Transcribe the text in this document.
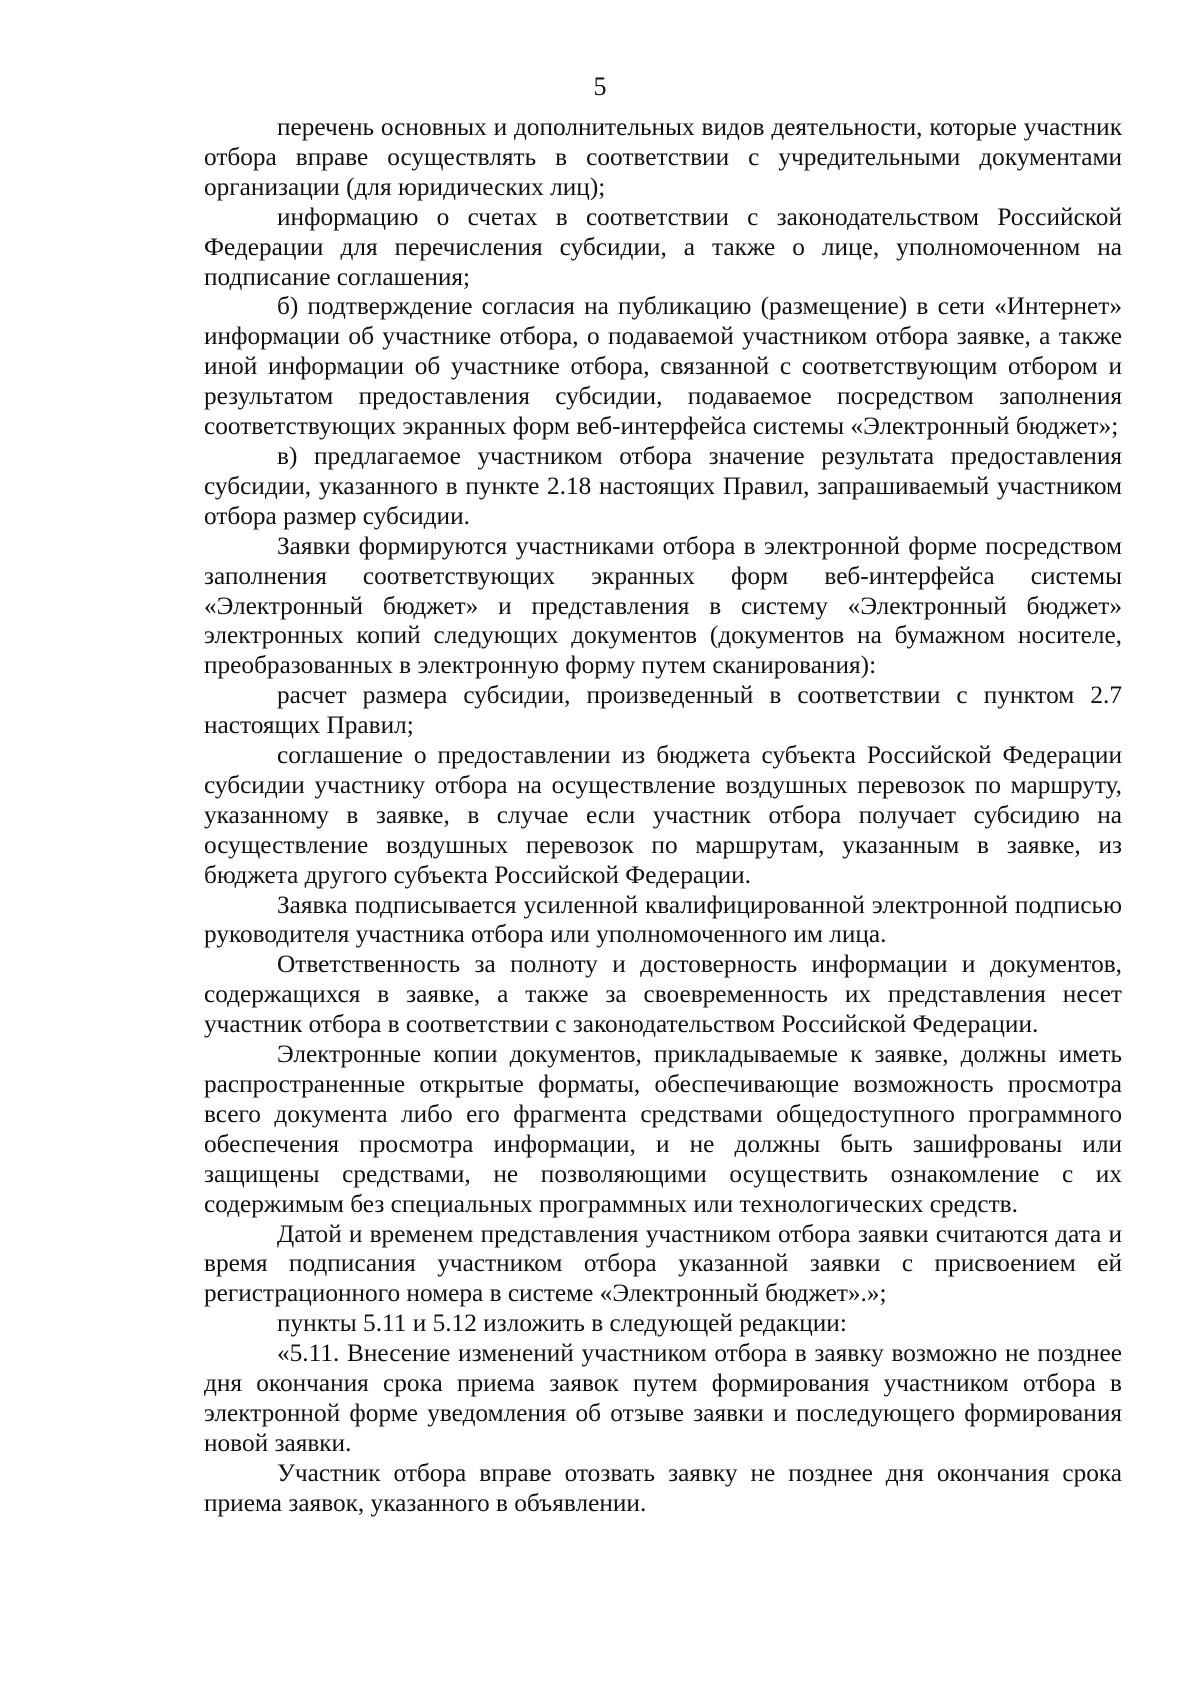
5

перечень основных и дополнительных видов деятельности, которые участник отбора вправе осуществлять в соответствии с учредительными документами организации (для юридических лиц);

информацию о счетах в соответствии с законодательством Российской Федерации для перечисления субсидии, а также о лице, уполномоченном на подписание соглашения;

б) подтверждение согласия на публикацию (размещение) в сети «Интернет» информации об участнике отбора, о подаваемой участником отбора заявке, а также иной информации об участнике отбора, связанной с соответствующим отбором и результатом предоставления субсидии, подаваемое посредством заполнения соответствующих экранных форм веб-интерфейса системы «Электронный бюджет»;

в) предлагаемое участником отбора значение результата предоставления субсидии, указанного в пункте 2.18 настоящих Правил, запрашиваемый участником отбора размер субсидии.

Заявки формируются участниками отбора в электронной форме посредством заполнения соответствующих экранных форм веб-интерфейса системы «Электронный бюджет» и представления в систему «Электронный бюджет» электронных копий следующих документов (документов на бумажном носителе, преобразованных в электронную форму путем сканирования):

расчет размера субсидии, произведенный в соответствии с пунктом 2.7 настоящих Правил;

соглашение о предоставлении из бюджета субъекта Российской Федерации субсидии участнику отбора на осуществление воздушных перевозок по маршруту, указанному в заявке, в случае если участник отбора получает субсидию на осуществление воздушных перевозок по маршрутам, указанным в заявке, из бюджета другого субъекта Российской Федерации.

Заявка подписывается усиленной квалифицированной электронной подписью руководителя участника отбора или уполномоченного им лица.

Ответственность за полноту и достоверность информации и документов, содержащихся в заявке, а также за своевременность их представления несет участник отбора в соответствии с законодательством Российской Федерации.

Электронные копии документов, прикладываемые к заявке, должны иметь распространенные открытые форматы, обеспечивающие возможность просмотра всего документа либо его фрагмента средствами общедоступного программного обеспечения просмотра информации, и не должны быть зашифрованы или защищены средствами, не позволяющими осуществить ознакомление с их содержимым без специальных программных или технологических средств.

Датой и временем представления участником отбора заявки считаются дата и время подписания участником отбора указанной заявки с присвоением ей регистрационного номера в системе «Электронный бюджет».»;

пункты 5.11 и 5.12 изложить в следующей редакции:

«5.11. Внесение изменений участником отбора в заявку возможно не позднее дня окончания срока приема заявок путем формирования участником отбора в электронной форме уведомления об отзыве заявки и последующего формирования новой заявки.

Участник отбора вправе отозвать заявку не позднее дня окончания срока приема заявок, указанного в объявлении.
